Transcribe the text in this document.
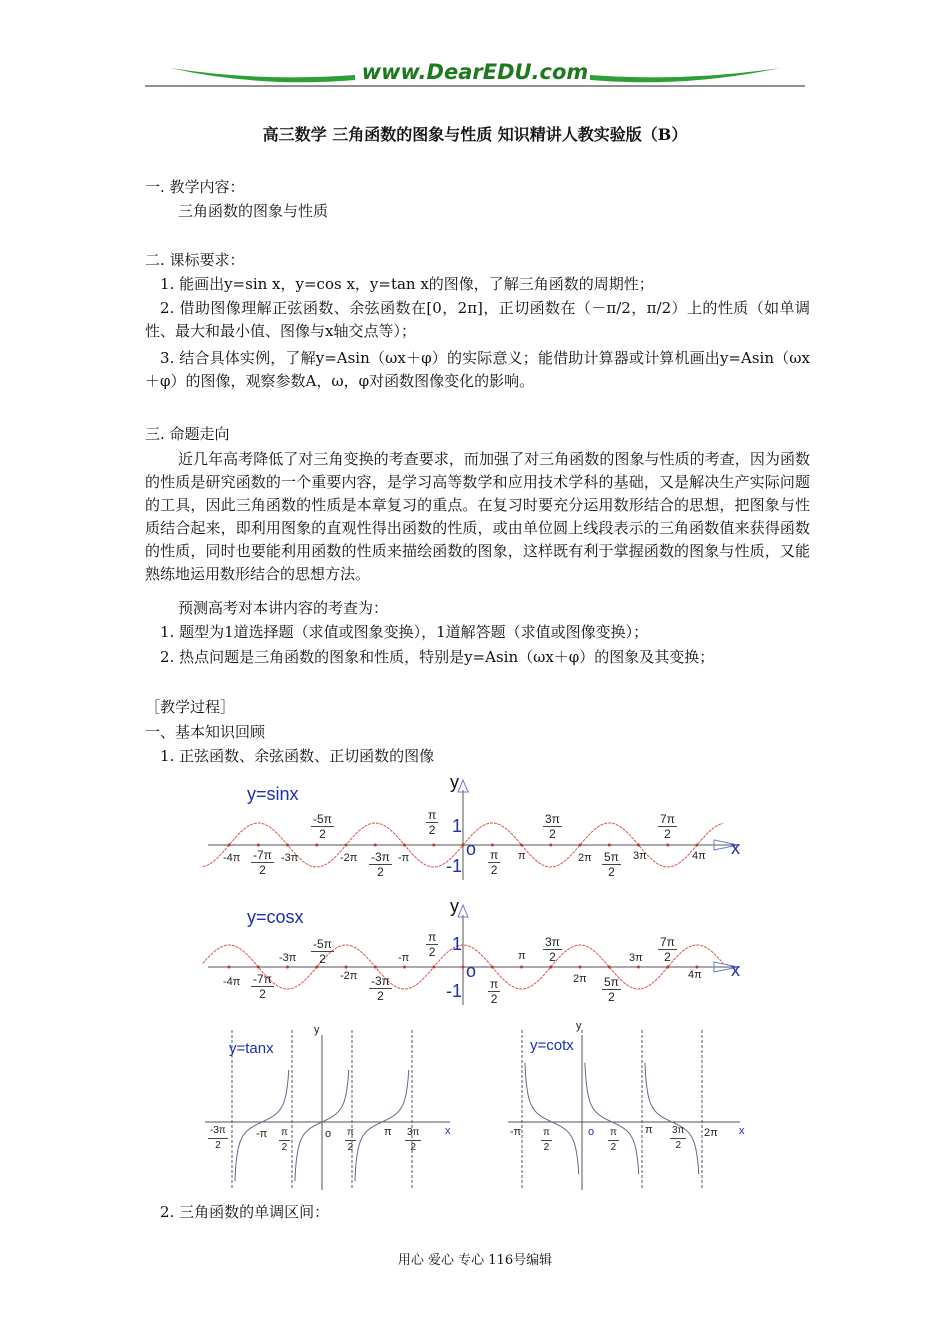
www.DearEDU.com
高三数学 三角函数的图象与性质 知识精讲人教实验版（B）
一. 教学内容：
三角函数的图象与性质
二. 课标要求：
1. 能画出y=sin x，y=cos x，y=tan x的图像，了解三角函数的周期性；
2. 借助图像理解正弦函数、余弦函数在[0，2π]，正切函数在（－π/2，π/2）上的性质（如单调性、最大和最小值、图像与x轴交点等）；
3. 结合具体实例，了解y=Asin（ωx＋φ）的实际意义；能借助计算器或计算机画出y=Asin（ωx＋φ）的图像，观察参数A，ω，φ对函数图像变化的影响。
三. 命题走向
近几年高考降低了对三角变换的考查要求，而加强了对三角函数的图象与性质的考查，因为函数的性质是研究函数的一个重要内容，是学习高等数学和应用技术学科的基础，又是解决生产实际问题的工具，因此三角函数的性质是本章复习的重点。在复习时要充分运用数形结合的思想，把图象与性质结合起来，即利用图象的直观性得出函数的性质，或由单位圆上线段表示的三角函数值来获得函数的性质，同时也要能利用函数的性质来描绘函数的图象，这样既有利于掌握函数的图象与性质，又能熟练地运用数形结合的思想方法。
预测高考对本讲内容的考查为：
1. 题型为1道选择题（求值或图象变换），1道解答题（求值或图像变换）；
2. 热点问题是三角函数的图象和性质，特别是y=Asin（ωx＋φ）的图象及其变换；
［教学过程］
一、基本知识回顾
1. 正弦函数、余弦函数、正切函数的图像
y=sinx
y
x
o
1
-1
-4π	-3π	-2π	-π	π	2π	3π	4π
$\frac{-5\pi}{2}$
$\frac{-7\pi}{2}$	$\frac{-3\pi}{2}$
$\frac{\pi}{2}$
$\frac{\pi}{2}$
$\frac{3\pi}{2}$
$\frac{5\pi}{2}$
$\frac{7\pi}{2}$
y=cosx
y
x
o
1
-1
-4π
-3π
-2π
-π	π
2π
3π
4π
$\frac{-5\pi}{2}$
$\frac{-7\pi}{2}$	$\frac{-3\pi}{2}$
$\frac{\pi}{2}$
$\frac{\pi}{2}$
$\frac{3\pi}{2}$
$\frac{5\pi}{2}$
$\frac{7\pi}{2}$
y=tanx
y
x
o
-π	π
$\frac{-3\pi}{2}$	$\frac{\pi}{2}$	$\frac{\pi}{2}$	$\frac{3\pi}{2}$
y=cotx
y
x
o
-π	π	2π
$\frac{\pi}{2}$	$\frac{\pi}{2}$	$\frac{3\pi}{2}$
2. 三角函数的单调区间：
用心 爱心 专心 116号编辑
